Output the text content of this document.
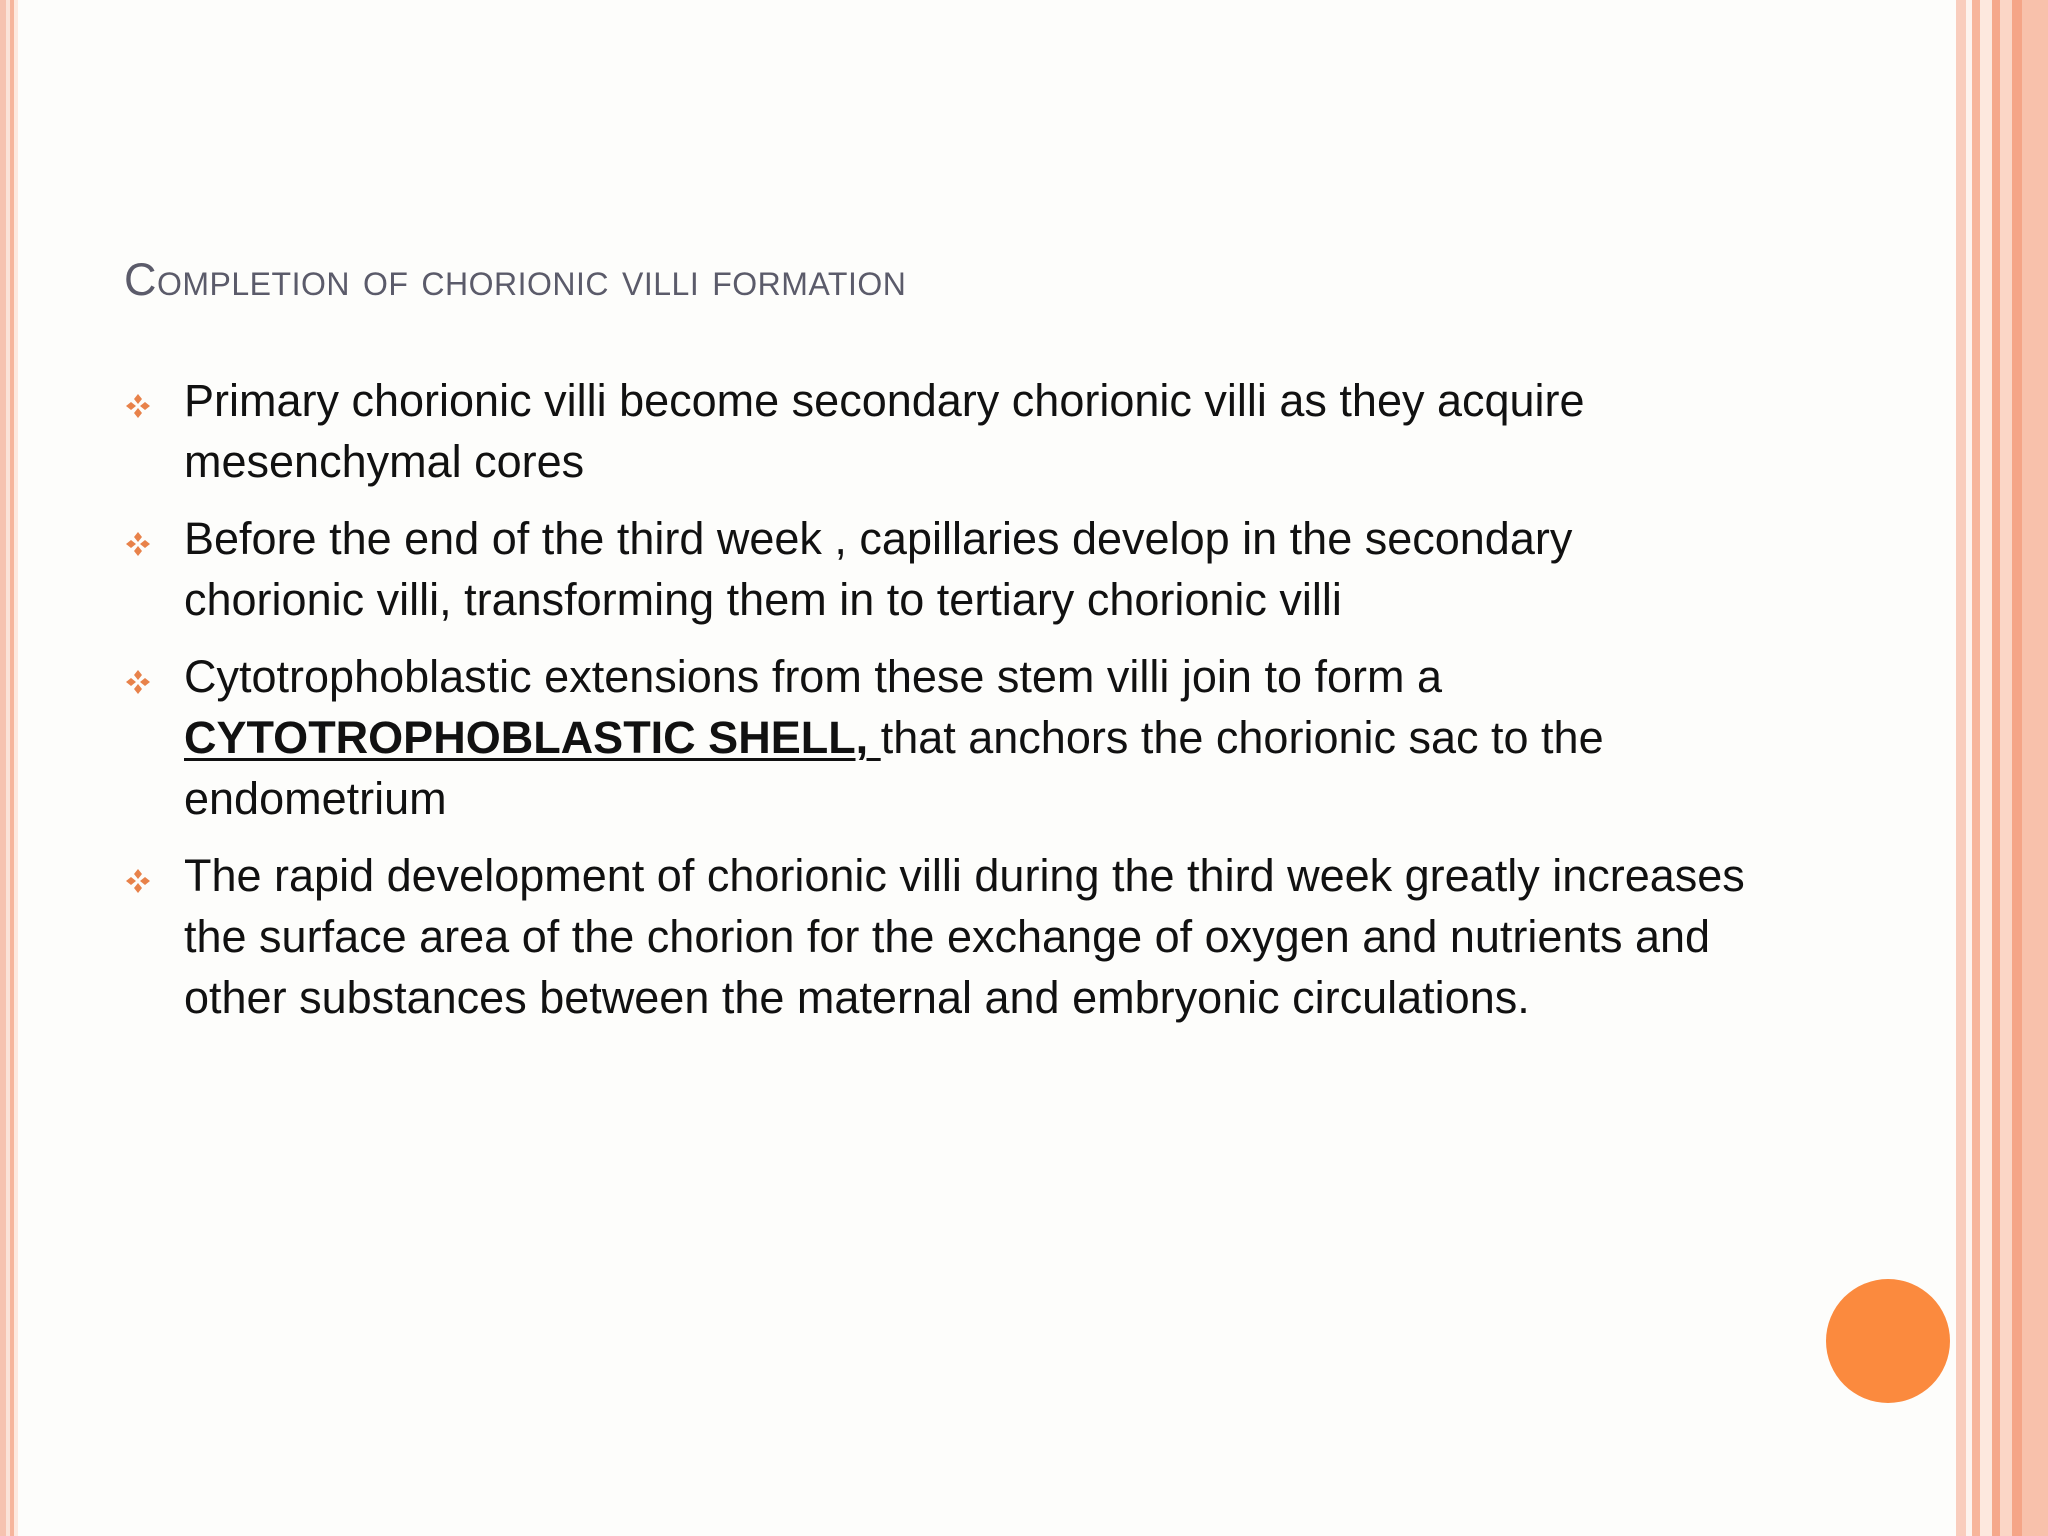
Completion of chorionic villi formation
Primary chorionic villi become secondary chorionic villi as they acquire mesenchymal cores
Before the end of the third week , capillaries develop in the secondary chorionic villi, transforming them in to tertiary chorionic villi
Cytotrophoblastic extensions from these stem villi join to form a CYTOTROPHOBLASTIC SHELL, that anchors the chorionic sac to the endometrium
The rapid development of chorionic villi during the third week greatly increases the surface area of the chorion for the exchange of oxygen and nutrients and other substances between the maternal and embryonic circulations.
